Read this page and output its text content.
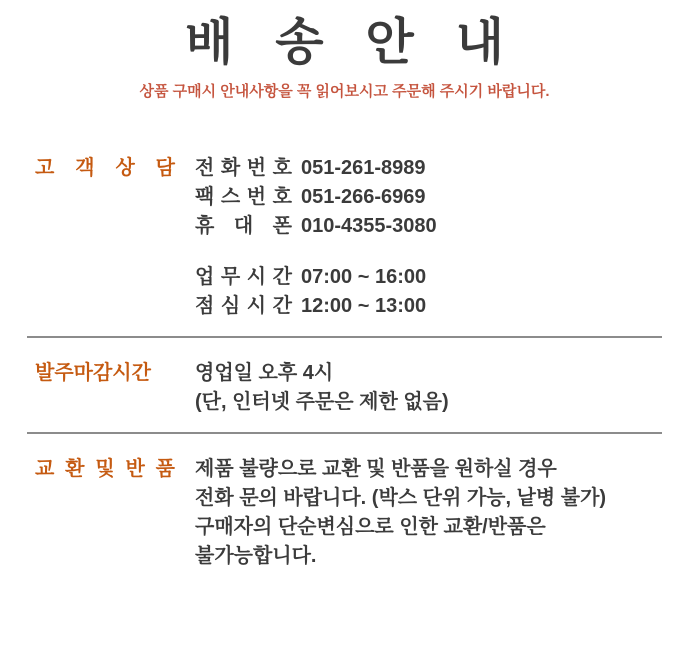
배 송 안 내
상품 구매시 안내사항을 꼭 읽어보시고 주문해 주시기 바랍니다.
고 객 상 담 전 화 번 호 051-261-8989
팩 스 번 호 051-266-6969
휴 대 폰 010-4355-3080
업 무 시 간 07:00 ~ 16:00
점 심 시 간 12:00 ~ 13:00
발주마감시간	영업일 오후 4시
(단, 인터넷 주문은 제한 없음)
교 환 및 반 품 제품 불량으로 교환 및 반품을 원하실 경우
전화 문의 바랍니다. (박스 단위 가능, 낱병 불가)
구매자의 단순변심으로 인한 교환/반품은
불가능합니다.
